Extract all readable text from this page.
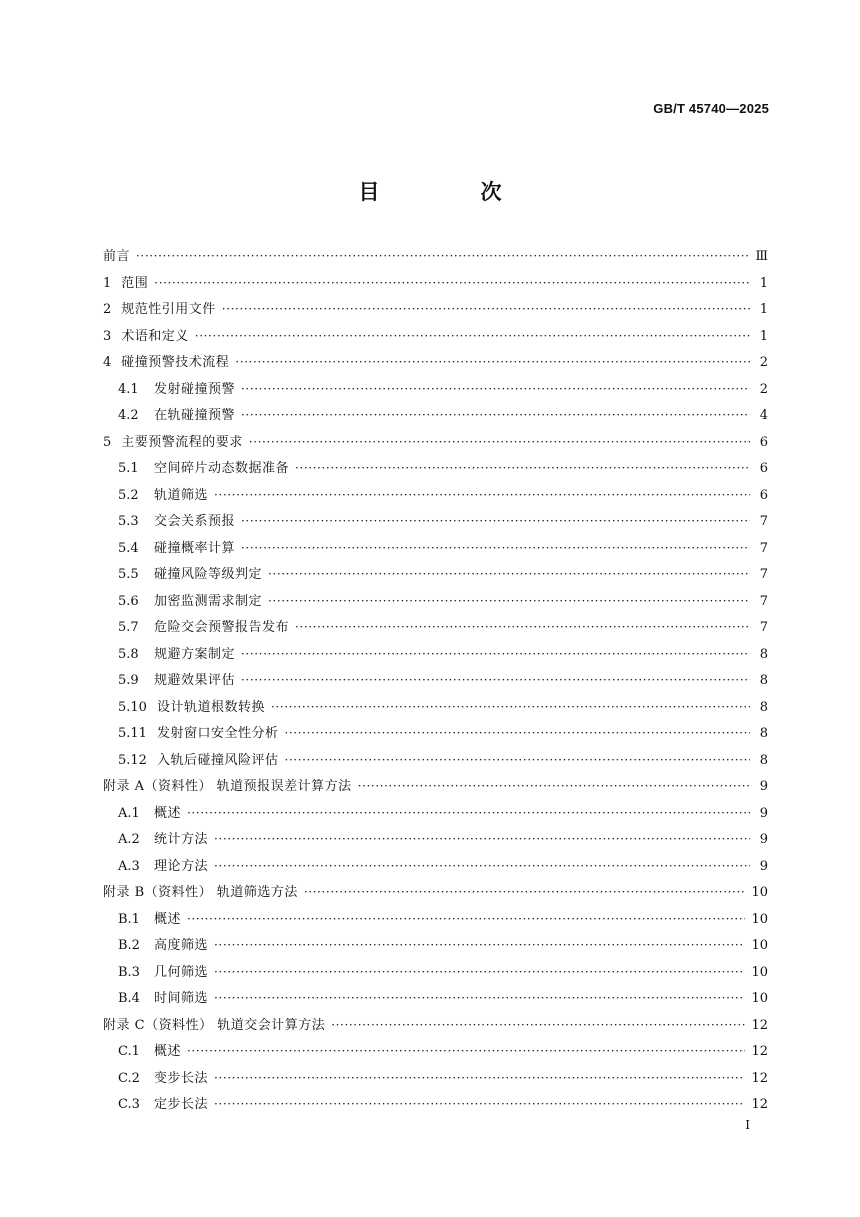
GB/T 45740—2025
目　次
前言 ·····	Ⅲ
1 范围 ·····	1
2 规范性引用文件 ·····	1
3 术语和定义 ·····	1
4 碰撞预警技术流程 ·····	2
4.1	发射碰撞预警 ·····	2
4.2	在轨碰撞预警 ·····	4
5 主要预警流程的要求 ·····	6
5.1	空间碎片动态数据准备 ·····	6
5.2	轨道筛选 ·····	6
5.3	交会关系预报 ·····	7
5.4	碰撞概率计算 ·····	7
5.5	碰撞风险等级判定 ·····	7
5.6	加密监测需求制定 ·····	7
5.7	危险交会预警报告发布 ·····	7
5.8	规避方案制定 ·····	8
5.9	规避效果评估 ·····	8
5.10 设计轨道根数转换 ·····	8
5.11 发射窗口安全性分析 ·····	8
5.12 入轨后碰撞风险评估 ·····	8
附录 A（资料性） 轨道预报误差计算方法 ·····	9
A.1	概述 ·····	9
A.2	统计方法 ·····	9
A.3	理论方法 ·····	9
附录 B（资料性） 轨道筛选方法 ·····	10
B.1	概述 ·····	10
B.2	高度筛选 ·····	10
B.3	几何筛选 ·····	10
B.4	时间筛选 ·····	10
附录 C（资料性） 轨道交会计算方法 ·····	12
C.1	概述 ·····	12
C.2	变步长法 ·····	12
C.3	定步长法 ·····	12
I
